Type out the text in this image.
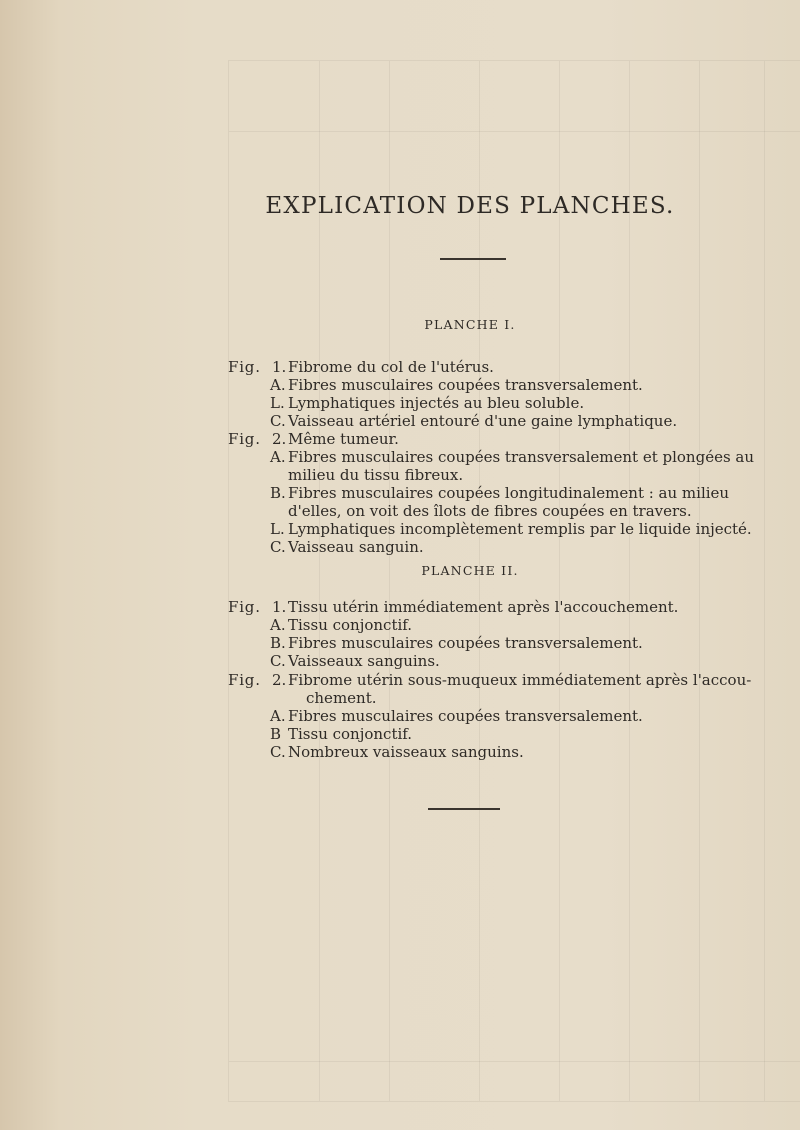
EXPLICATION DES PLANCHES.
PLANCHE I.
Fig. 1. Fibrome du col de l'utérus.
A. Fibres musculaires coupées transversalement.
L. Lymphatiques injectés au bleu soluble.
C. Vaisseau artériel entouré d'une gaine lymphatique.
Fig. 2. Même tumeur.
A. Fibres musculaires coupées transversalement et plongées au
milieu du tissu fibreux.
B. Fibres musculaires coupées longitudinalement : au milieu
d'elles, on voit des îlots de fibres coupées en travers.
L. Lymphatiques incomplètement remplis par le liquide injecté.
C. Vaisseau sanguin.
PLANCHE II.
Fig. 1. Tissu utérin immédiatement après l'accouchement.
A. Tissu conjonctif.
B. Fibres musculaires coupées transversalement.
C. Vaisseaux sanguins.
Fig. 2. Fibrome utérin sous-muqueux immédiatement après l'accou-
chement.
A. Fibres musculaires coupées transversalement.
B Tissu conjonctif.
C. Nombreux vaisseaux sanguins.
